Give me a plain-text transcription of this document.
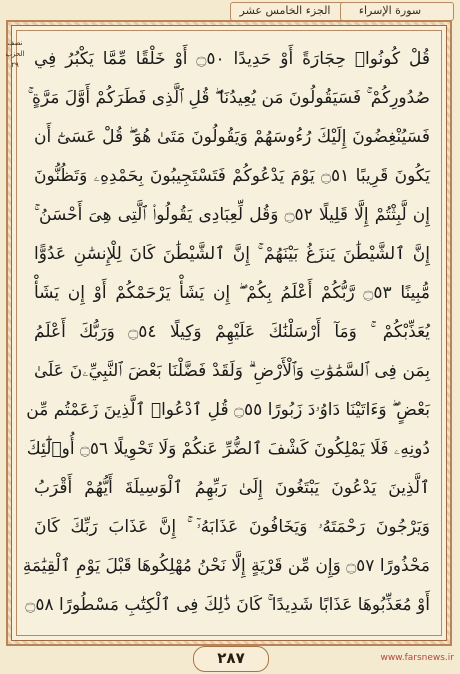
الجزء الخامس عشر	سورة الإسراء
نصف
الحزب
٢٩ قُلْ كُونُوا۟ حِجَارَةً أَوْ حَدِيدًا ۝٥٠ أَوْ خَلْقًا مِّمَّا يَكْبُرُ فِي
صُدُورِكُمْ ۚ فَسَيَقُولُونَ مَن يُعِيدُنَا ۖ قُلِ ٱلَّذِى فَطَرَكُمْ أَوَّلَ مَرَّةٍ ۚ
فَسَيُنْغِضُونَ إِلَيْكَ رُءُوسَهُمْ وَيَقُولُونَ مَتَىٰ هُوَ ۖ قُلْ عَسَىٰٓ أَن
يَكُونَ قَرِيبًا ۝٥١ يَوْمَ يَدْعُوكُمْ فَتَسْتَجِيبُونَ بِحَمْدِهِۦ وَتَظُنُّونَ
إِن لَّبِثْتُمْ إِلَّا قَلِيلًا ۝٥٢ وَقُل لِّعِبَادِى يَقُولُوا۟ ٱلَّتِى هِىَ أَحْسَنُ ۚ
إِنَّ ٱلشَّيْطَٰنَ يَنزَغُ بَيْنَهُمْ ۚ إِنَّ ٱلشَّيْطَٰنَ كَانَ لِلْإِنسَٰنِ عَدُوًّا
مُّبِينًا ۝٥٣ رَّبُّكُمْ أَعْلَمُ بِكُمْ ۖ إِن يَشَأْ يَرْحَمْكُمْ أَوْ إِن يَشَأْ
يُعَذِّبْكُمْ ۚ وَمَآ أَرْسَلْنَٰكَ عَلَيْهِمْ وَكِيلًا ۝٥٤ وَرَبُّكَ أَعْلَمُ
بِمَن فِى ٱلسَّمَٰوَٰتِ وَٱلْأَرْضِ ۗ وَلَقَدْ فَضَّلْنَا بَعْضَ ٱلنَّبِيِّۦنَ عَلَىٰ
بَعْضٍ ۖ وَءَاتَيْنَا دَاوُۥدَ زَبُورًا ۝٥٥ قُلِ ٱدْعُوا۟ ٱلَّذِينَ زَعَمْتُم مِّن
دُونِهِۦ فَلَا يَمْلِكُونَ كَشْفَ ٱلضُّرِّ عَنكُمْ وَلَا تَحْوِيلًا ۝٥٦ أُو۟لَٰٓئِكَ
ٱلَّذِينَ يَدْعُونَ يَبْتَغُونَ إِلَىٰ رَبِّهِمُ ٱلْوَسِيلَةَ أَيُّهُمْ أَقْرَبُ
وَيَرْجُونَ رَحْمَتَهُۥ وَيَخَافُونَ عَذَابَهُۥٓ ۚ إِنَّ عَذَابَ رَبِّكَ كَانَ
مَحْذُورًا ۝٥٧ وَإِن مِّن قَرْيَةٍ إِلَّا نَحْنُ مُهْلِكُوهَا قَبْلَ يَوْمِ ٱلْقِيَٰمَةِ
أَوْ مُعَذِّبُوهَا عَذَابًا شَدِيدًا ۚ كَانَ ذَٰلِكَ فِى ٱلْكِتَٰبِ مَسْطُورًا ۝٥٨
٢٨٧	www.farsnews.ir
